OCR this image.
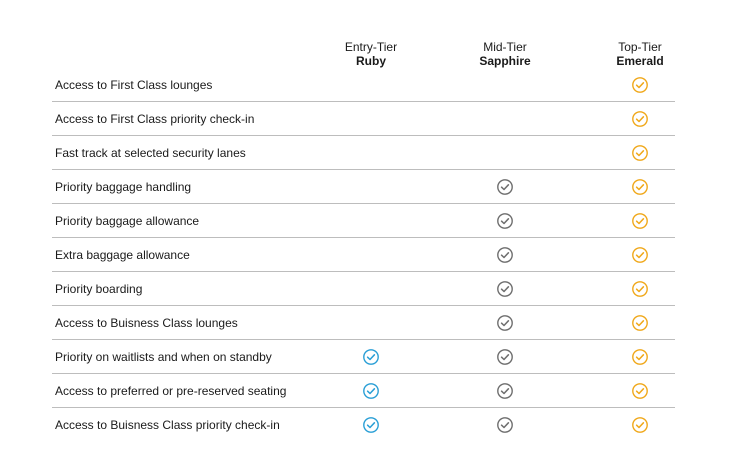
Entry-Tier
Ruby
Mid-Tier
Sapphire
Top-Tier
Emerald
Access to First Class lounges
Access to First Class priority check-in
Fast track at selected security lanes
Priority baggage handling
Priority baggage allowance
Extra baggage allowance
Priority boarding
Access to Buisness Class lounges
Priority on waitlists and when on standby
Access to preferred or pre-reserved seating
Access to Buisness Class priority check-in
